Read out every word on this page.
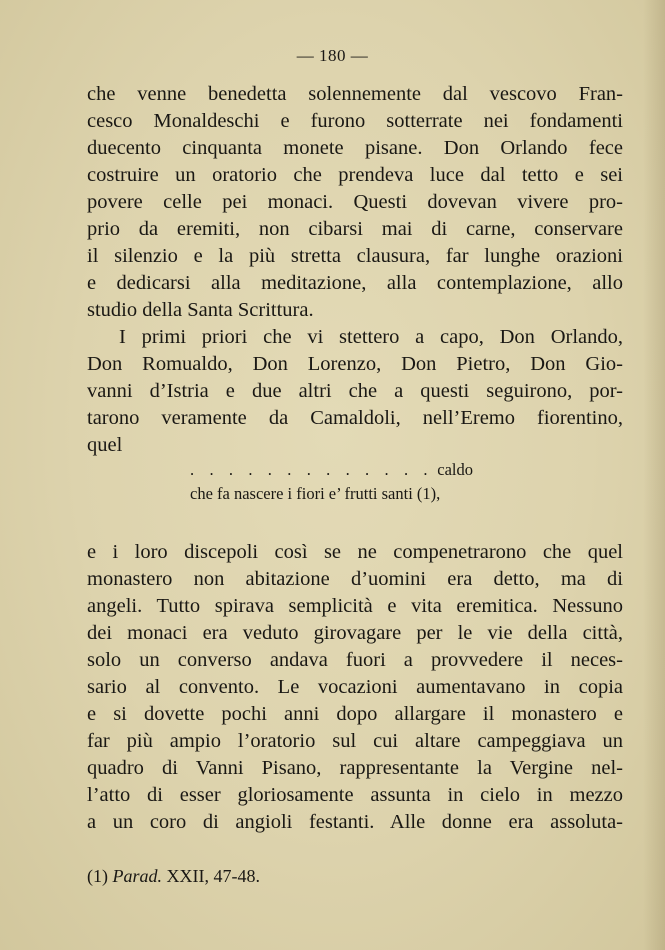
— 180 —
che venne benedetta solennemente dal vescovo Fran-
cesco Monaldeschi e furono sotterrate nei fondamenti
duecento cinquanta monete pisane. Don Orlando fece
costruire un oratorio che prendeva luce dal tetto e sei
povere celle pei monaci. Questi dovevan vivere pro-
prio da eremiti, non cibarsi mai di carne, conservare
il silenzio e la più stretta clausura, far lunghe orazioni
e dedicarsi alla meditazione, alla contemplazione, allo
studio della Santa Scrittura.
I primi priori che vi stettero a capo, Don Orlando,
Don Romualdo, Don Lorenzo, Don Pietro, Don Gio-
vanni d’Istria e due altri che a questi seguirono, por-
tarono veramente da Camaldoli, nell’Eremo fiorentino,
quel
. . . . . . . . . . . . . caldo
che fa nascere i fiori e’ frutti santi (1),
e i loro discepoli così se ne compenetrarono che quel
monastero non abitazione d’uomini era detto, ma di
angeli. Tutto spirava semplicità e vita eremitica. Nessuno
dei monaci era veduto girovagare per le vie della città,
solo un converso andava fuori a provvedere il neces-
sario al convento. Le vocazioni aumentavano in copia
e si dovette pochi anni dopo allargare il monastero e
far più ampio l’oratorio sul cui altare campeggiava un
quadro di Vanni Pisano, rappresentante la Vergine nel-
l’atto di esser gloriosamente assunta in cielo in mezzo
a un coro di angioli festanti. Alle donne era assoluta-
(1) Parad. XXII, 47-48.
